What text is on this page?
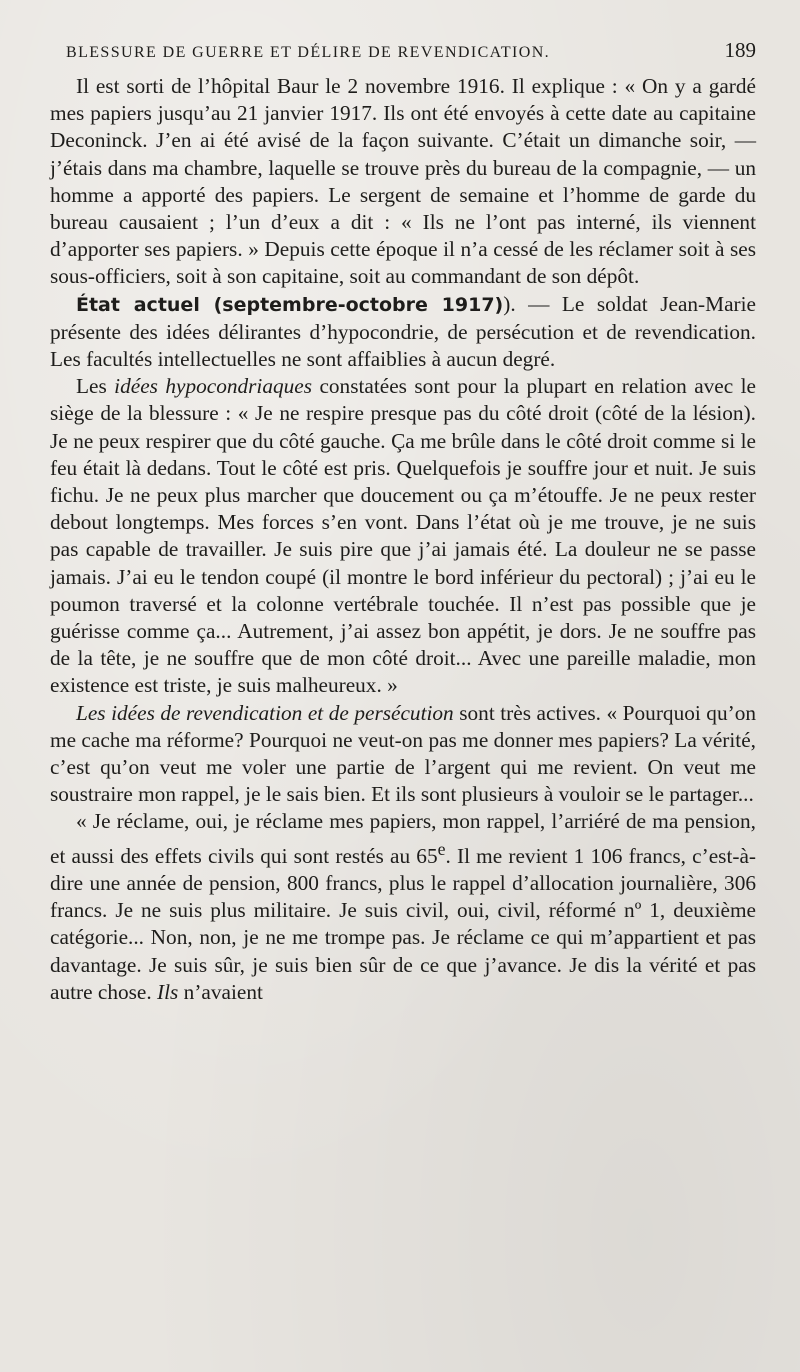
BLESSURE DE GUERRE ET DÉLIRE DE REVENDICATION.	189

Il est sorti de l’hôpital Baur le 2 novembre 1916. Il explique : « On y a gardé mes papiers jusqu’au 21 janvier 1917. Ils ont été envoyés à cette date au capitaine Deconinck. J’en ai été avisé de la façon suivante. C’était un dimanche soir, — j’étais dans ma chambre, laquelle se trouve près du bureau de la compagnie, — un homme a apporté des papiers. Le sergent de semaine et l’homme de garde du bureau causaient ; l’un d’eux a dit : « Ils ne l’ont pas interné, ils viennent d’apporter ses papiers. » Depuis cette époque il n’a cessé de les réclamer soit à ses sous-officiers, soit à son capitaine, soit au commandant de son dépôt.

État actuel (septembre-octobre 1917)). — Le soldat Jean-Marie présente des idées délirantes d’hypocondrie, de persécution et de revendication. Les facultés intellectuelles ne sont affaiblies à aucun degré.

Les idées hypocondriaques constatées sont pour la plupart en relation avec le siège de la blessure : « Je ne respire presque pas du côté droit (côté de la lésion). Je ne peux respirer que du côté gauche. Ça me brûle dans le côté droit comme si le feu était là dedans. Tout le côté est pris. Quelquefois je souffre jour et nuit. Je suis fichu. Je ne peux plus marcher que doucement ou ça m’étouffe. Je ne peux rester debout longtemps. Mes forces s’en vont. Dans l’état où je me trouve, je ne suis pas capable de travailler. Je suis pire que j’ai jamais été. La douleur ne se passe jamais. J’ai eu le tendon coupé (il montre le bord inférieur du pectoral) ; j’ai eu le poumon traversé et la colonne vertébrale touchée. Il n’est pas possible que je guérisse comme ça... Autrement, j’ai assez bon appétit, je dors. Je ne souffre pas de la tête, je ne souffre que de mon côté droit... Avec une pareille maladie, mon existence est triste, je suis malheureux. »

Les idées de revendication et de persécution sont très actives. « Pourquoi qu’on me cache ma réforme? Pourquoi ne veut-on pas me donner mes papiers? La vérité, c’est qu’on veut me voler une partie de l’argent qui me revient. On veut me soustraire mon rappel, je le sais bien. Et ils sont plusieurs à vouloir se le partager...

« Je réclame, oui, je réclame mes papiers, mon rappel, l’arriéré de ma pension, et aussi des effets civils qui sont restés au 65e. Il me revient 1 106 francs, c’est-à-dire une année de pension, 800 francs, plus le rappel d’allocation journalière, 306 francs. Je ne suis plus militaire. Je suis civil, oui, civil, réformé nº 1, deuxième catégorie... Non, non, je ne me trompe pas. Je réclame ce qui m’appartient et pas davantage. Je suis sûr, je suis bien sûr de ce que j’avance. Je dis la vérité et pas autre chose. Ils n’avaient
